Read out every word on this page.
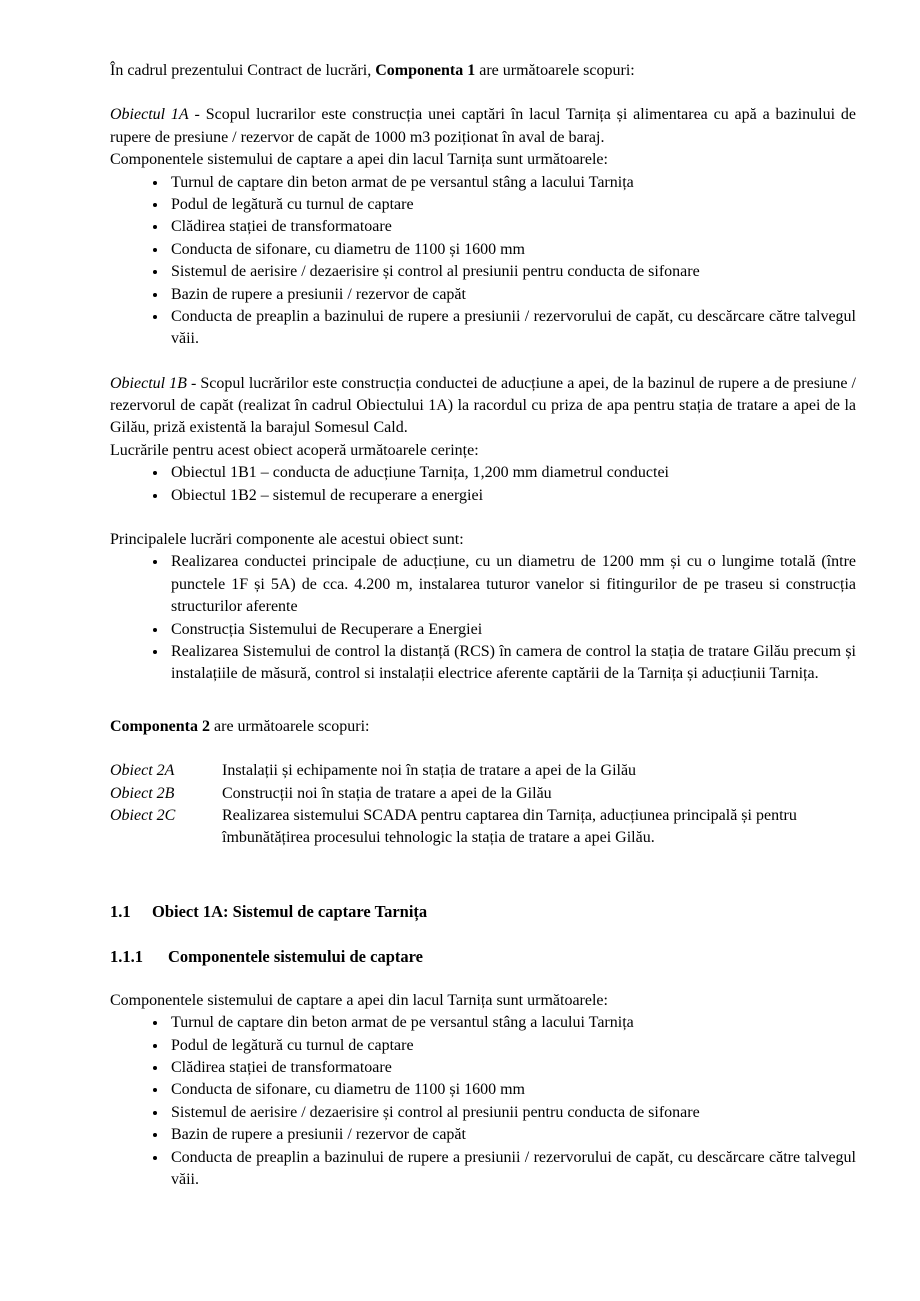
În cadrul prezentului Contract de lucrări, Componenta 1 are următoarele scopuri:

Obiectul 1A - Scopul lucrarilor este construcția unei captări în lacul Tarnița și alimentarea cu apă a bazinului de rupere de presiune / rezervor de capăt de 1000 m3 poziționat în aval de baraj.

Componentele sistemului de captare a apei din lacul Tarnița sunt următoarele:

• Turnul de captare din beton armat de pe versantul stâng a lacului Tarnița
• Podul de legătură cu turnul de captare
• Clădirea stației de transformatoare
• Conducta de sifonare, cu diametru de 1100 și 1600 mm
• Sistemul de aerisire / dezaerisire și control al presiunii pentru conducta de sifonare
• Bazin de rupere a presiunii / rezervor de capăt
• Conducta de preaplin a bazinului de rupere a presiunii / rezervorului de capăt, cu descărcare către talvegul văii.

Obiectul 1B - Scopul lucrărilor este construcția conductei de aducțiune a apei, de la bazinul de rupere a de presiune / rezervorul de capăt (realizat în cadrul Obiectului 1A) la racordul cu priza de apa pentru stația de tratare a apei de la Gilău, priză existentă la barajul Somesul Cald.

Lucrările pentru acest obiect acoperă următoarele cerințe:

• Obiectul 1B1 – conducta de aducțiune Tarnița, 1,200 mm diametrul conductei
• Obiectul 1B2 – sistemul de recuperare a energiei

Principalele lucrări componente ale acestui obiect sunt:

• Realizarea conductei principale de aducțiune, cu un diametru de 1200 mm și cu o lungime totală (între punctele 1F și 5A) de cca. 4.200 m, instalarea tuturor vanelor si fitingurilor de pe traseu si construcția structurilor aferente
• Construcția Sistemului de Recuperare a Energiei
• Realizarea Sistemului de control la distanță (RCS) în camera de control la stația de tratare Gilău precum și instalațiile de măsură, control si instalații electrice aferente captării de la Tarnița și aducțiunii Tarnița.

Componenta 2 are următoarele scopuri:

Obiect 2A	Instalații și echipamente noi în stația de tratare a apei de la Gilău
Obiect 2B	Construcții noi în stația de tratare a apei de la Gilău
Obiect 2C	Realizarea sistemului SCADA pentru captarea din Tarnița, aducțiunea principală și pentru îmbunătățirea procesului tehnologic la stația de tratare a apei Gilău.
1.1 Obiect 1A: Sistemul de captare Tarnița
1.1.1 Componentele sistemului de captare

Componentele sistemului de captare a apei din lacul Tarnița sunt următoarele:

• Turnul de captare din beton armat de pe versantul stâng a lacului Tarnița
• Podul de legătură cu turnul de captare
• Clădirea stației de transformatoare
• Conducta de sifonare, cu diametru de 1100 și 1600 mm
• Sistemul de aerisire / dezaerisire și control al presiunii pentru conducta de sifonare
• Bazin de rupere a presiunii / rezervor de capăt
• Conducta de preaplin a bazinului de rupere a presiunii / rezervorului de capăt, cu descărcare către talvegul văii.
